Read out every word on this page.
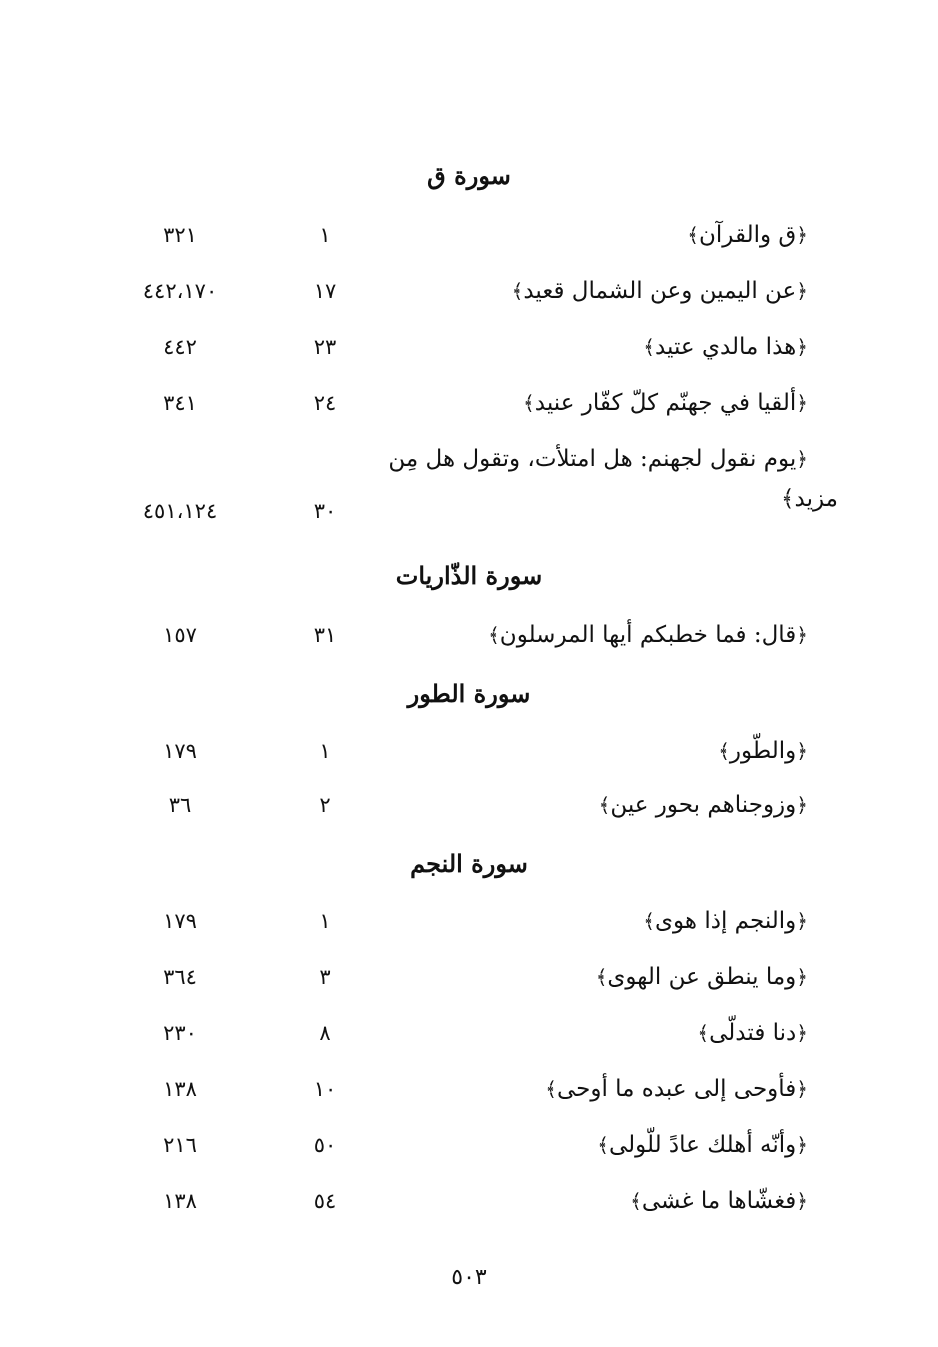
سورة ق
﴿ق والقرآن﴾
١
٣٢١
﴿عن اليمين وعن الشمال قعيد﴾
١٧
٤٤٢،١٧٠
﴿هذا مالدي عتيد﴾
٢٣
٤٤٢
﴿ألقيا في جهنّم كلّ كفّار عنيد﴾
٢٤
٣٤١
﴿يوم نقول لجهنم: هل امتلأت، وتقول هل مِن
مزيد﴾
٣٠
٤٥١،١٢٤
سورة الذّاريات
﴿قال: فما خطبكم أيها المرسلون﴾
٣١
١٥٧
سورة الطور
﴿والطّور﴾
١
١٧٩
﴿وزوجناهم بحور عين﴾
٢
٣٦
سورة النجم
﴿والنجم إذا هوى﴾
١
١٧٩
﴿وما ينطق عن الهوى﴾
٣
٣٦٤
﴿دنا فتدلّى﴾
٨
٢٣٠
﴿فأوحى إلى عبده ما أوحى﴾
١٠
١٣٨
﴿وأنّه أهلك عادً للّولى﴾
٥٠
٢١٦
﴿فغشّاها ما غشى﴾
٥٤
١٣٨
٥٠٣
